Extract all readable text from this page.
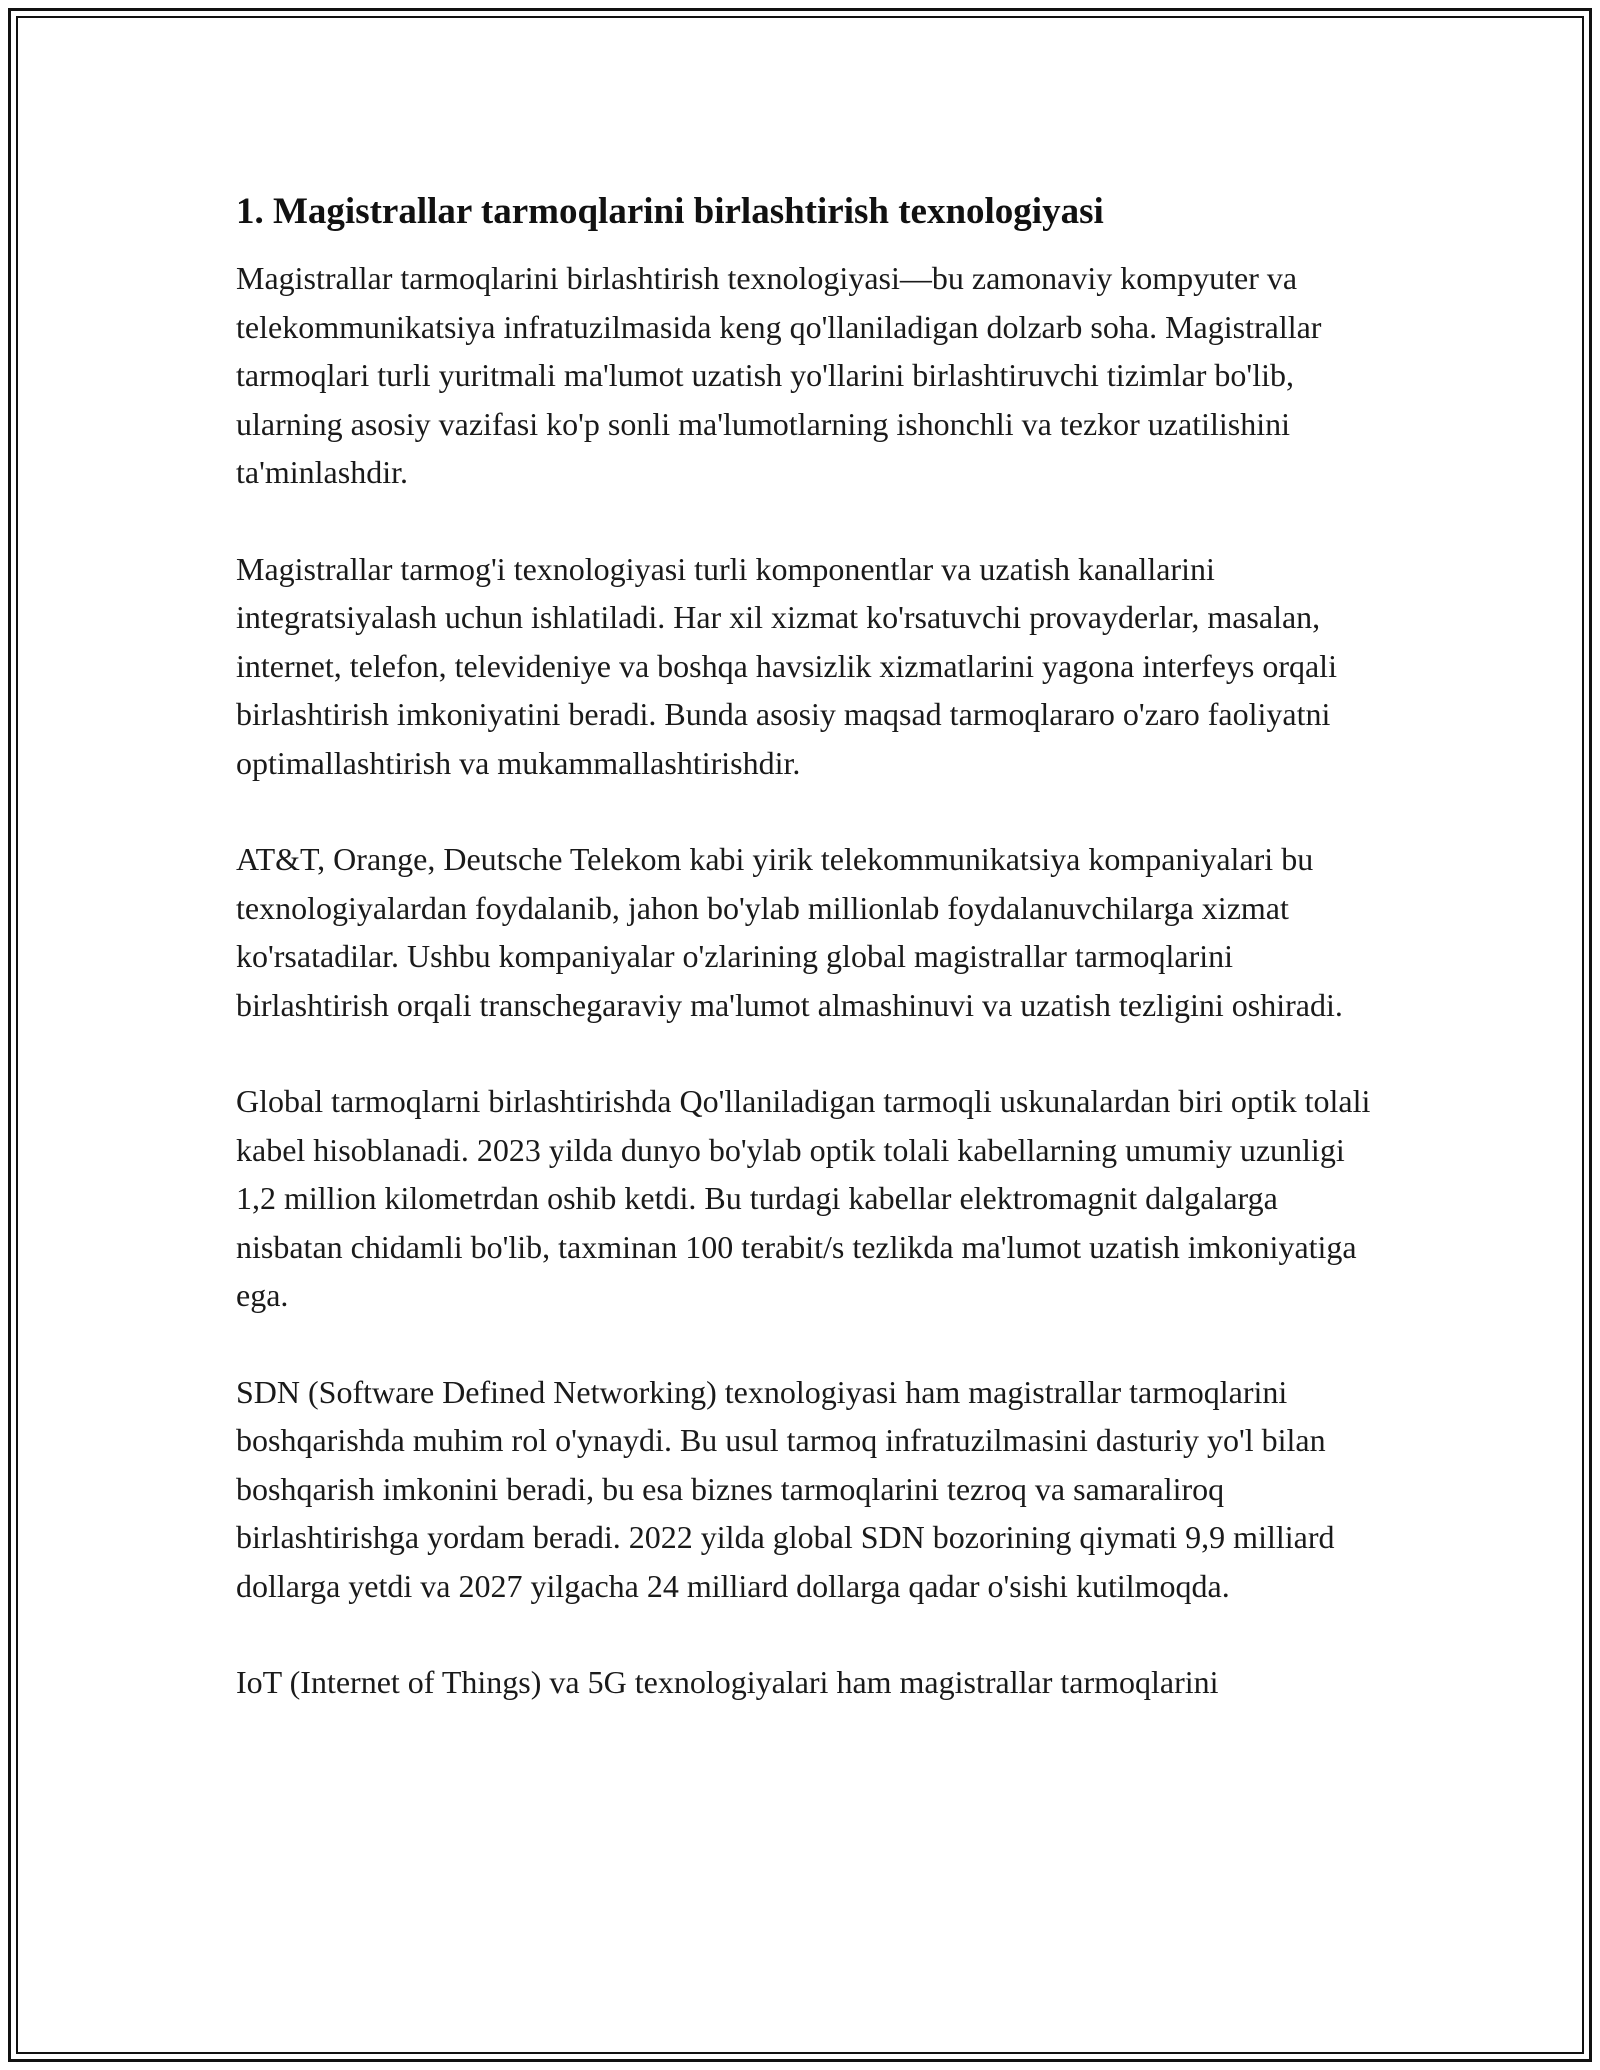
1. Magistrallar tarmoqlarini birlashtirish texnologiyasi

Magistrallar tarmoqlarini birlashtirish texnologiyasi—bu zamonaviy kompyuter va telekommunikatsiya infratuzilmasida keng qo'llaniladigan dolzarb soha. Magistrallar tarmoqlari turli yuritmali ma'lumot uzatish yo'llarini birlashtiruvchi tizimlar bo'lib, ularning asosiy vazifasi ko'p sonli ma'lumotlarning ishonchli va tezkor uzatilishini ta'minlashdir.

Magistrallar tarmog'i texnologiyasi turli komponentlar va uzatish kanallarini integratsiyalash uchun ishlatiladi. Har xil xizmat ko'rsatuvchi provayderlar, masalan, internet, telefon, televideniye va boshqa havsizlik xizmatlarini yagona interfeys orqali birlashtirish imkoniyatini beradi. Bunda asosiy maqsad tarmoqlararo o'zaro faoliyatni optimallashtirish va mukammallashtirishdir.

AT&T, Orange, Deutsche Telekom kabi yirik telekommunikatsiya kompaniyalari bu texnologiyalardan foydalanib, jahon bo'ylab millionlab foydalanuvchilarga xizmat ko'rsatadilar. Ushbu kompaniyalar o'zlarining global magistrallar tarmoqlarini birlashtirish orqali transchegaraviy ma'lumot almashinuvi va uzatish tezligini oshiradi.

Global tarmoqlarni birlashtirishda Qo'llaniladigan tarmoqli uskunalardan biri optik tolali kabel hisoblanadi. 2023 yilda dunyo bo'ylab optik tolali kabellarning umumiy uzunligi 1,2 million kilometrdan oshib ketdi. Bu turdagi kabellar elektromagnit dalgalarga nisbatan chidamli bo'lib, taxminan 100 terabit/s tezlikda ma'lumot uzatish imkoniyatiga ega.

SDN (Software Defined Networking) texnologiyasi ham magistrallar tarmoqlarini boshqarishda muhim rol o'ynaydi. Bu usul tarmoq infratuzilmasini dasturiy yo'l bilan boshqarish imkonini beradi, bu esa biznes tarmoqlarini tezroq va samaraliroq birlashtirishga yordam beradi. 2022 yilda global SDN bozorining qiymati 9,9 milliard dollarga yetdi va 2027 yilgacha 24 milliard dollarga qadar o'sishi kutilmoqda.

IoT (Internet of Things) va 5G texnologiyalari ham magistrallar tarmoqlarini
